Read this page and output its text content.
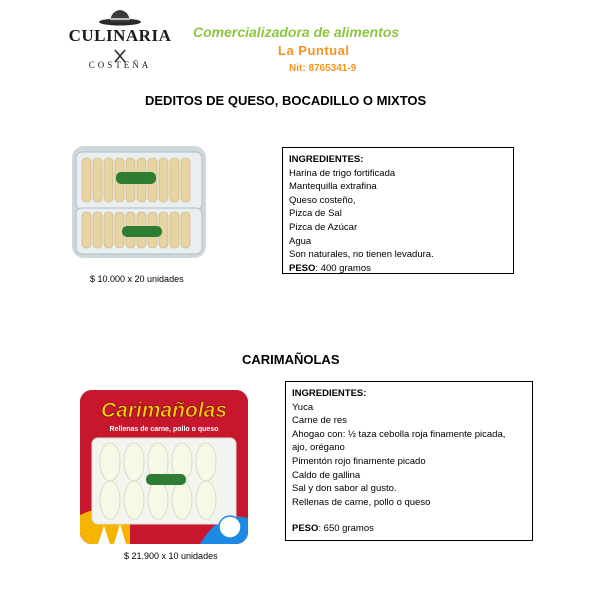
CULINARIA
COSTEÑA
Comercializadora de alimentos
La Puntual
Nit: 8765341-9
DEDITOS DE QUESO, BOCADILLO O MIXTOS
$ 10.000 x 20 unidades
INGREDIENTES:
Harina de trigo fortificada
Mantequilla extrafina
Queso costeño,
Pizca de Sal
Pizca de Azúcar
Agua
Son naturales, no tienen levadura.
PESO: 400 gramos
CARIMAÑOLAS
Carimañolas
Rellenas de carne, pollo o queso
$ 21.900 x 10 unidades
INGREDIENTES:
Yuca
Carne de res
Ahogao con: ½ taza cebolla roja finamente picada,
ajo, orégano
Pimentón rojo finamente picado
Caldo de gallina
Sal y don sabor al gusto.
Rellenas de carne, pollo o queso
PESO: 650 gramos
